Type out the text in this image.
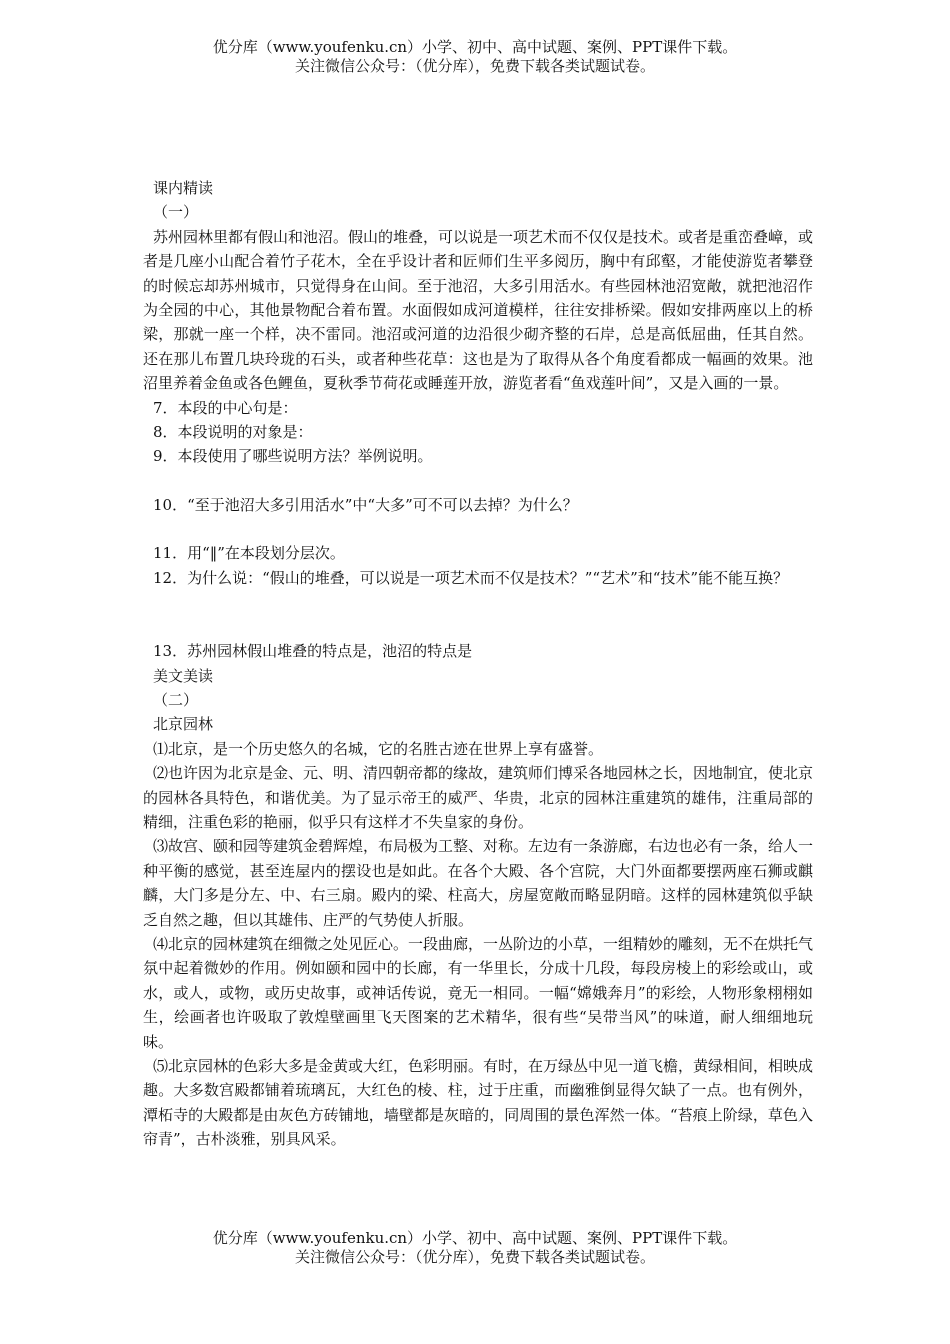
优分库（www.youfenku.cn）小学、初中、高中试题、案例、PPT课件下载。
关注微信公众号：（优分库），免费下载各类试题试卷。

课内精读

（一）

苏州园林里都有假山和池沼。假山的堆叠，可以说是一项艺术而不仅仅是技术。或者是重峦叠嶂，或者是几座小山配合着竹子花木，全在乎设计者和匠师们生平多阅历，胸中有邱壑，才能使游览者攀登的时候忘却苏州城市，只觉得身在山间。至于池沼，大多引用活水。有些园林池沼宽敞，就把池沼作为全园的中心，其他景物配合着布置。水面假如成河道模样，往往安排桥梁。假如安排两座以上的桥梁，那就一座一个样，决不雷同。池沼或河道的边沿很少砌齐整的石岸，总是高低屈曲，任其自然。还在那儿布置几块玲珑的石头，或者种些花草：这也是为了取得从各个角度看都成一幅画的效果。池沼里养着金鱼或各色鲤鱼，夏秋季节荷花或睡莲开放，游览者看“鱼戏莲叶间”，又是入画的一景。

7．本段的中心句是：

8．本段说明的对象是：

9．本段使用了哪些说明方法？举例说明。

10．“至于池沼大多引用活水”中“大多”可不可以去掉？为什么？

11．用“‖”在本段划分层次。

12．为什么说：“假山的堆叠，可以说是一项艺术而不仅是技术？”“艺术”和“技术”能不能互换？

13．苏州园林假山堆叠的特点是，池沼的特点是

美文美读

（二）

北京园林

⑴北京，是一个历史悠久的名城，它的名胜古迹在世界上享有盛誉。

⑵也许因为北京是金、元、明、清四朝帝都的缘故，建筑师们博采各地园林之长，因地制宜，使北京的园林各具特色，和谐优美。为了显示帝王的威严、华贵，北京的园林注重建筑的雄伟，注重局部的精细，注重色彩的艳丽，似乎只有这样才不失皇家的身份。

⑶故宫、颐和园等建筑金碧辉煌，布局极为工整、对称。左边有一条游廊，右边也必有一条，给人一种平衡的感觉，甚至连屋内的摆设也是如此。在各个大殿、各个宫院，大门外面都要摆两座石狮或麒麟，大门多是分左、中、右三扇。殿内的梁、柱高大，房屋宽敞而略显阴暗。这样的园林建筑似乎缺乏自然之趣，但以其雄伟、庄严的气势使人折服。

⑷北京的园林建筑在细微之处见匠心。一段曲廊，一丛阶边的小草，一组精妙的雕刻，无不在烘托气氛中起着微妙的作用。例如颐和园中的长廊，有一华里长，分成十几段，每段房棱上的彩绘或山，或水，或人，或物，或历史故事，或神话传说，竟无一相同。一幅“嫦娥奔月”的彩绘，人物形象栩栩如生，绘画者也许吸取了敦煌壁画里飞天图案的艺术精华，很有些“吴带当风”的味道，耐人细细地玩味。

⑸北京园林的色彩大多是金黄或大红，色彩明丽。有时，在万绿丛中见一道飞檐，黄绿相间，相映成趣。大多数宫殿都铺着琉璃瓦，大红色的棱、柱，过于庄重，而幽雅倒显得欠缺了一点。也有例外，潭柘寺的大殿都是由灰色方砖铺地，墙壁都是灰暗的，同周围的景色浑然一体。“苔痕上阶绿，草色入帘青”，古朴淡雅，别具风采。

优分库（www.youfenku.cn）小学、初中、高中试题、案例、PPT课件下载。
关注微信公众号：（优分库），免费下载各类试题试卷。
